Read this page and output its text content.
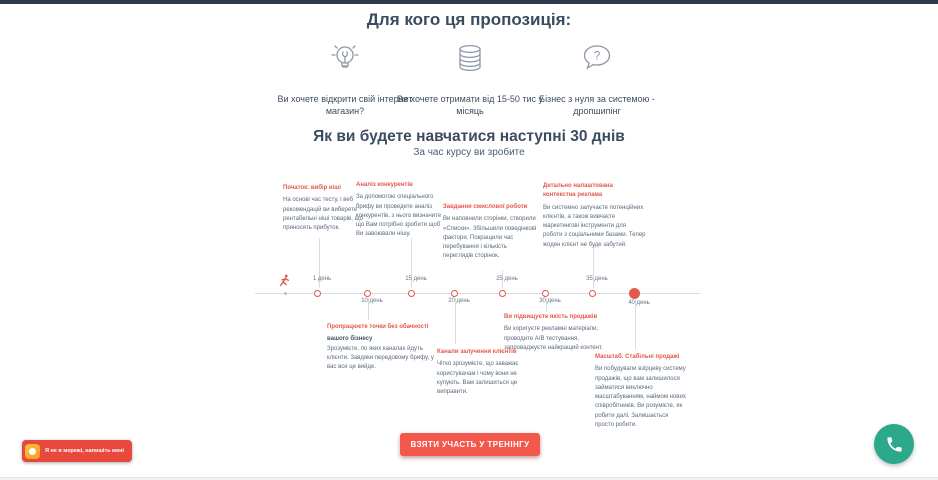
Для кого ця пропозиція:
Ви хочете відкрити свій інтернет магазин?
Ви хочете отримати від 15-50 тис у місяць
?
Бізнес з нуля за системою - дропшипінг
Як ви будете навчатися наступні 30 днів
За час курсу ви зробите
1 день
10 день
15 день
20 день
25 день
30 день
35 день
40 день
Початок: вибір ніші
На основі час тесту, і веб рекомендацій ви виберете рентабельні ніші товарів, що приносять прибуток.
Аналіз конкурентів
За допомогою спеціального брифу ви проведете аналіз конкурентів, з нього визначите що Вам потрібно зробити щоб Ви завоювали нішу.
Завдання смислової роботи
Ви наповнили сторінки, створили «Списки». Збільшили поведінкові фактори. Покращили час перебування і кількість переглядів сторінок.
Детально налаштована контекстна реклама
Ви системно залучаєте потенційних клієнтів, а також вивчаєте маркетингові інструменти для роботи з соціальними базами. Тепер жоден клієнт не буде забутий.
Пропрацюєте точки без обачності
вашого бізнесу
Зрозумієте, по яких каналах йдуть клієнти. Завдяки передовому брифу, у вас все це вийде.
Канали залучення клієнтів
Чітко зрозумієте, що заважає користувачам і чому вони не купують. Вам залишиться це виправити.
Ви підвищуєте якість продажів
Ви коригуєте рекламні матеріали, проводите А/В тестування, запроваджуєте найкращий контент.
Масштаб. Стабільні продажі
Ви побудували взірцеву систему продажів, що вам залишилося займатися виключно масштабуванням, наймом нових співробітників. Ви розумієте, як робити далі. Залишається просто робити.
ВЗЯТИ УЧАСТЬ У ТРЕНІНГУ
Я не в мережі, напишіть мені
